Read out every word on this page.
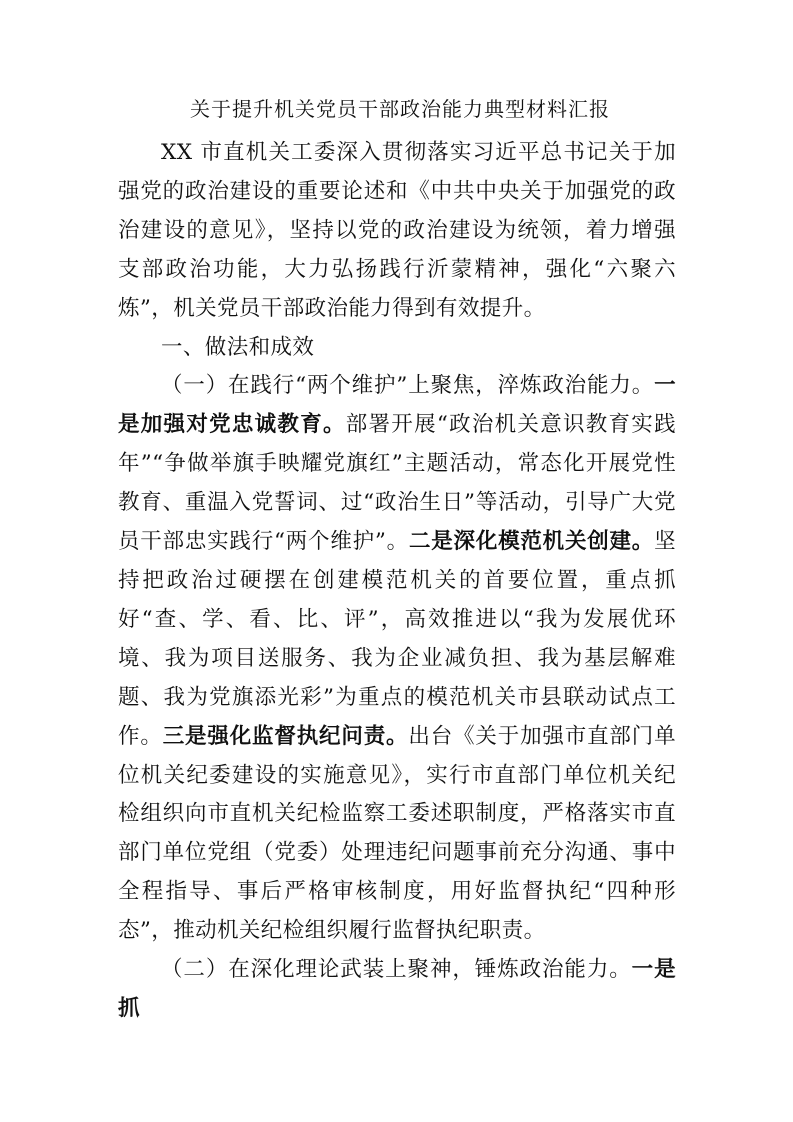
关于提升机关党员干部政治能力典型材料汇报

XX 市直机关工委深入贯彻落实习近平总书记关于加强党的政治建设的重要论述和《中共中央关于加强党的政治建设的意见》，坚持以党的政治建设为统领，着力增强支部政治功能，大力弘扬践行沂蒙精神，强化“六聚六炼”，机关党员干部政治能力得到有效提升。

一、做法和成效

（一）在践行“两个维护”上聚焦，淬炼政治能力。一是加强对党忠诚教育。部署开展“政治机关意识教育实践年”“争做举旗手映耀党旗红”主题活动，常态化开展党性教育、重温入党誓词、过“政治生日”等活动，引导广大党员干部忠实践行“两个维护”。二是深化模范机关创建。坚持把政治过硬摆在创建模范机关的首要位置，重点抓好“查、学、看、比、评”，高效推进以“我为发展优环境、我为项目送服务、我为企业减负担、我为基层解难题、我为党旗添光彩”为重点的模范机关市县联动试点工作。三是强化监督执纪问责。出台《关于加强市直部门单位机关纪委建设的实施意见》，实行市直部门单位机关纪检组织向市直机关纪检监察工委述职制度，严格落实市直部门单位党组（党委）处理违纪问题事前充分沟通、事中全程指导、事后严格审核制度，用好监督执纪“四种形态”，推动机关纪检组织履行监督执纪职责。

（二）在深化理论武装上聚神，锤炼政治能力。一是抓
